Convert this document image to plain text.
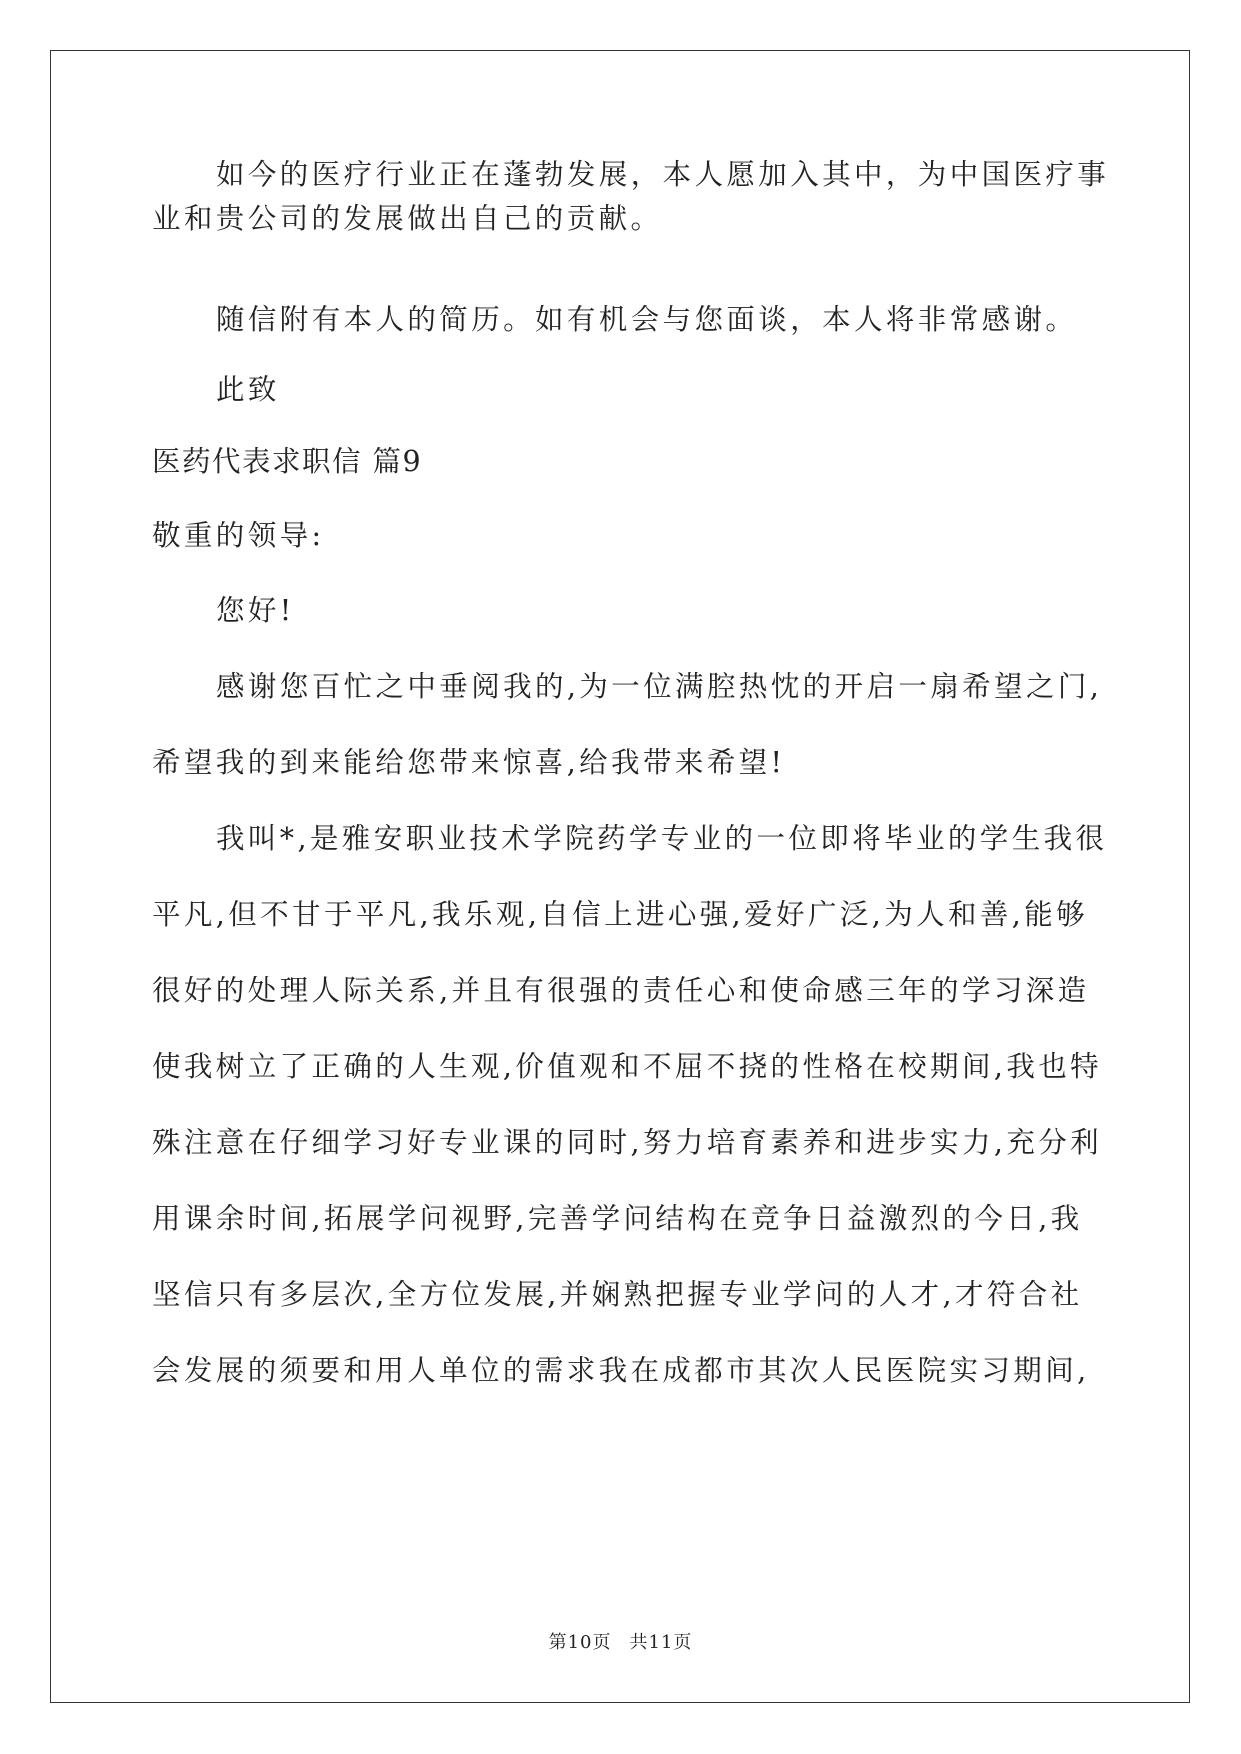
如今的医疗行业正在蓬勃发展，本人愿加入其中，为中国医疗事
业和贵公司的发展做出自己的贡献。
随信附有本人的简历。如有机会与您面谈，本人将非常感谢。
此致
医药代表求职信 篇9
敬重的领导:
您好!
感谢您百忙之中垂阅我的,为一位满腔热忱的开启一扇希望之门,
希望我的到来能给您带来惊喜,给我带来希望!
我叫*,是雅安职业技术学院药学专业的一位即将毕业的学生我很
平凡,但不甘于平凡,我乐观,自信上进心强,爱好广泛,为人和善,能够
很好的处理人际关系,并且有很强的责任心和使命感三年的学习深造
使我树立了正确的人生观,价值观和不屈不挠的性格在校期间,我也特
殊注意在仔细学习好专业课的同时,努力培育素养和进步实力,充分利
用课余时间,拓展学问视野,完善学问结构在竞争日益激烈的今日,我
坚信只有多层次,全方位发展,并娴熟把握专业学问的人才,才符合社
会发展的须要和用人单位的需求我在成都市其次人民医院实习期间,
第10页 共11页
